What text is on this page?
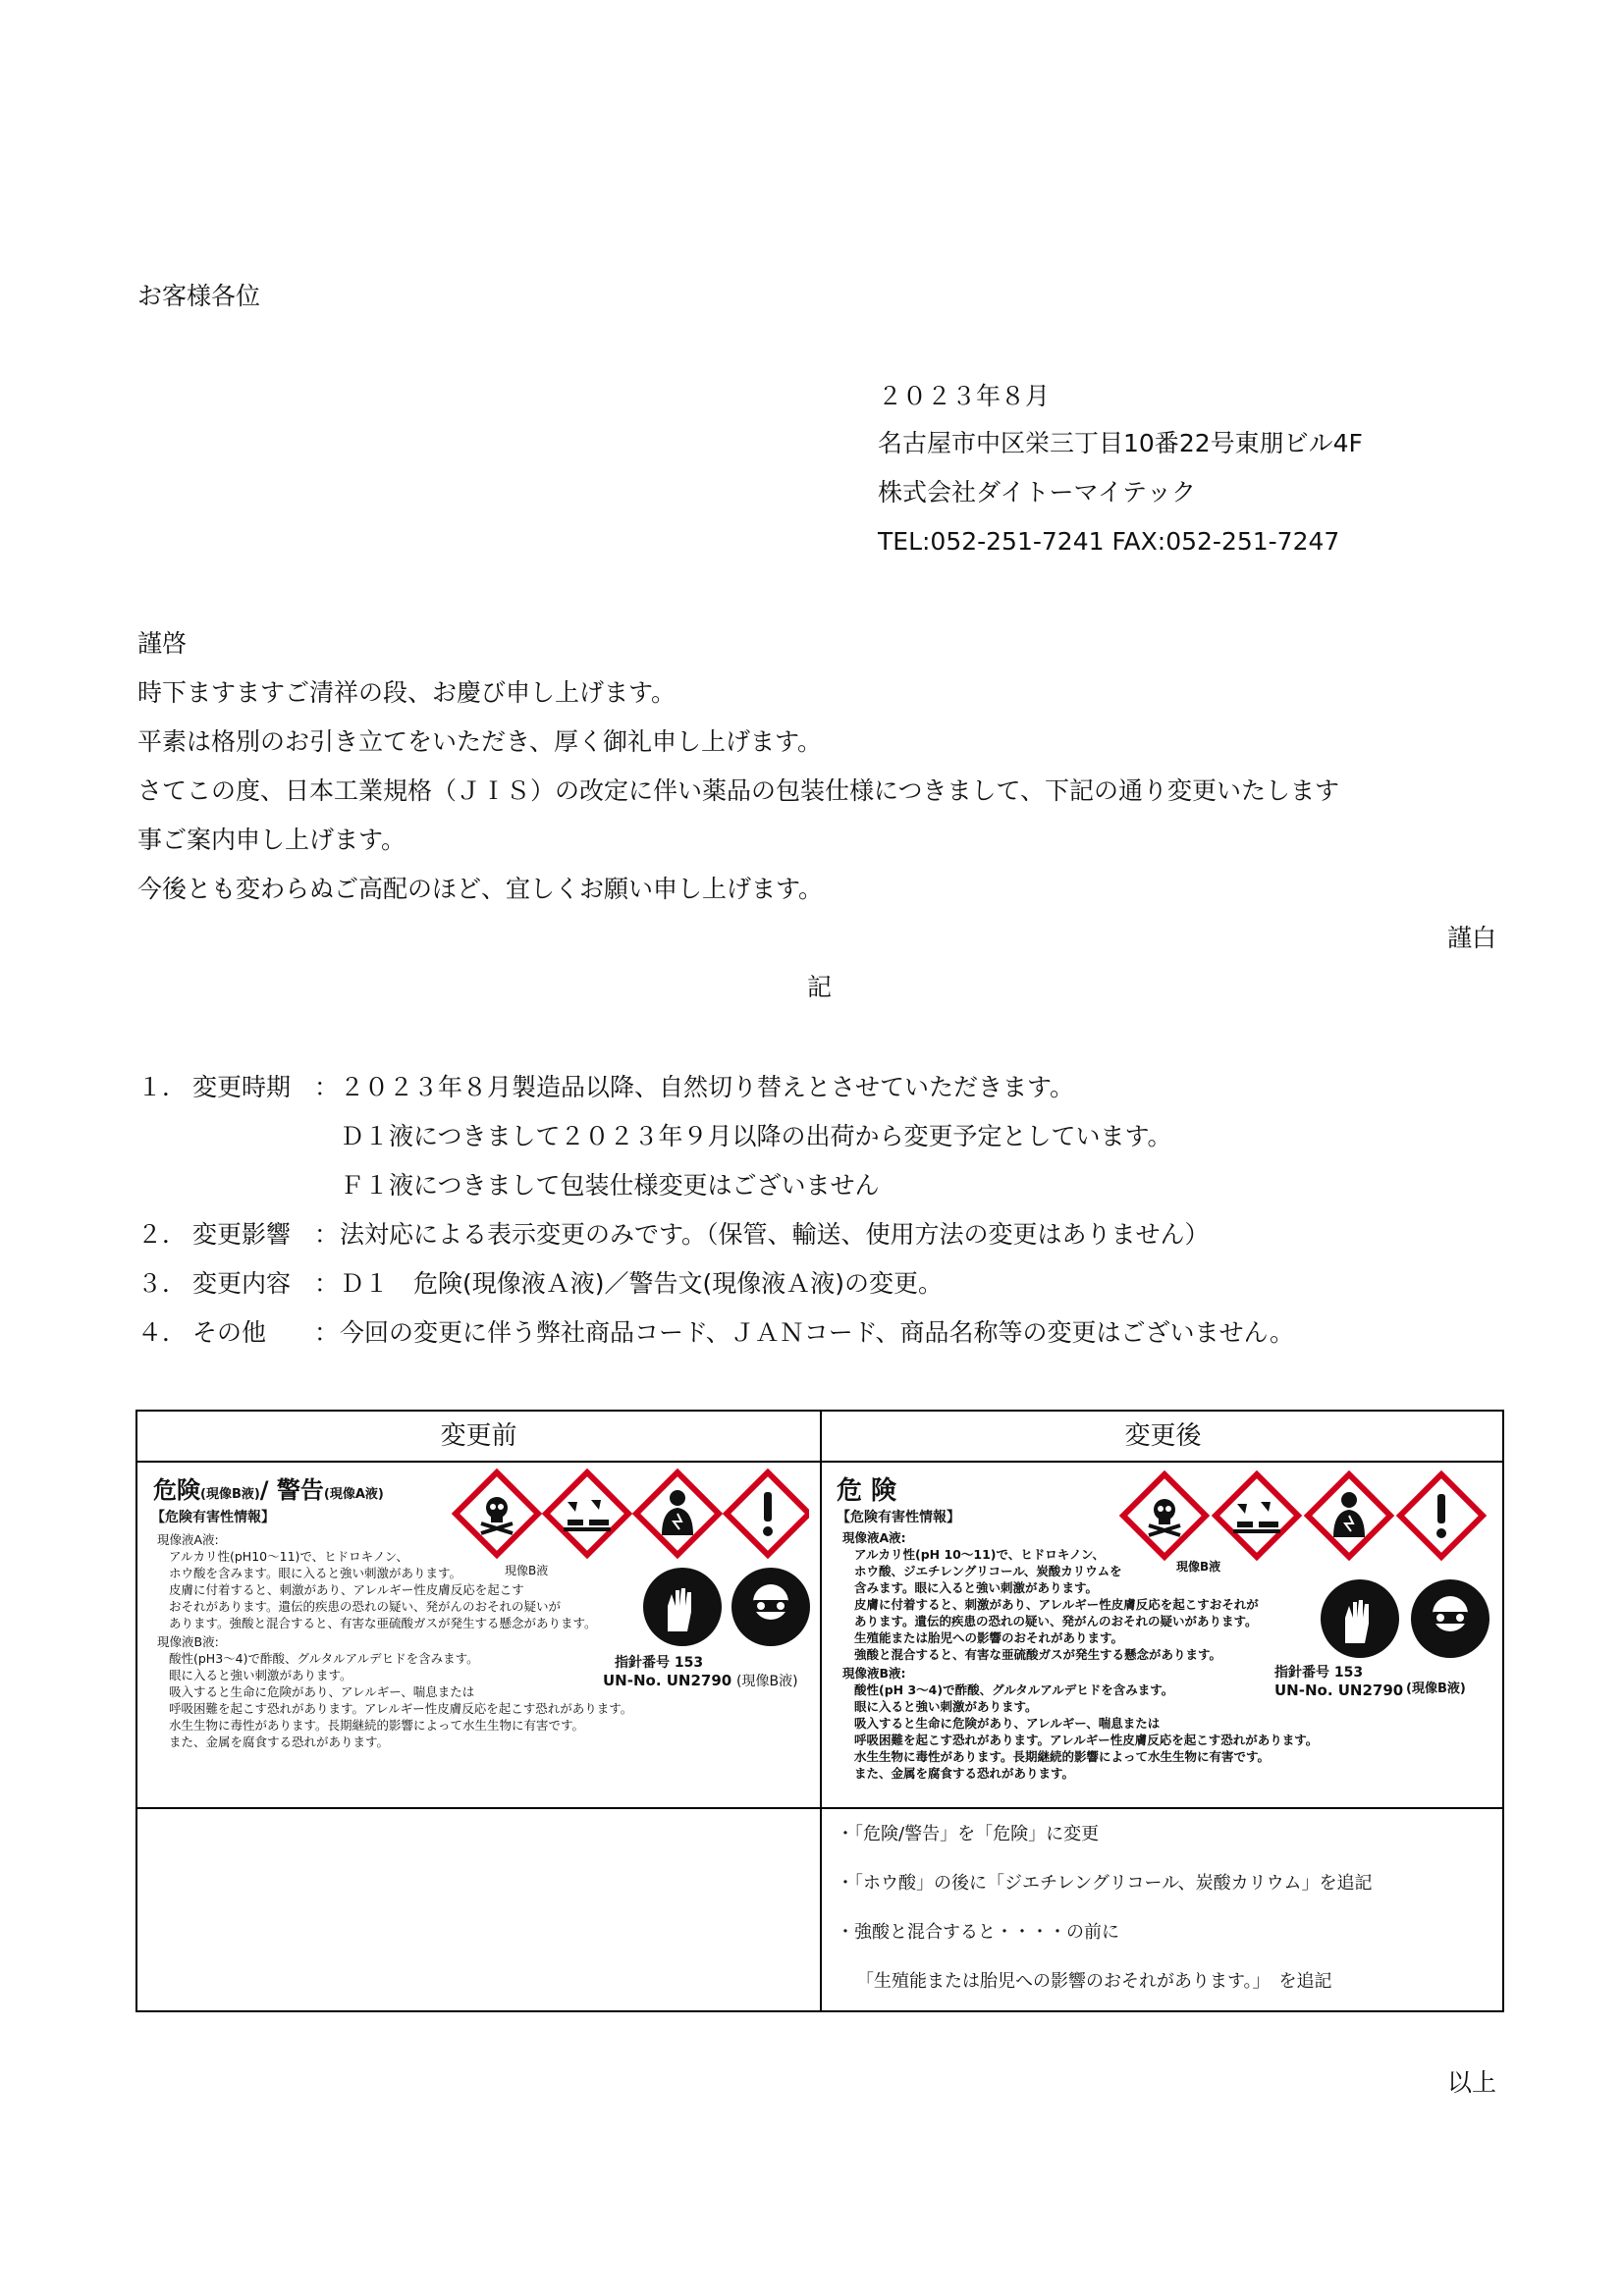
お客様各位
２０２３年８月
名古屋市中区栄三丁目10番22号東朋ビル4F
株式会社ダイトーマイテック
TEL:052-251-7241 FAX:052-251-7247
謹啓
時下ますますご清祥の段、お慶び申し上げます。
平素は格別のお引き立てをいただき、厚く御礼申し上げます。
さてこの度、日本工業規格（ＪＩＳ）の改定に伴い薬品の包装仕様につきまして、下記の通り変更いたします
事ご案内申し上げます。
今後とも変わらぬご高配のほど、宜しくお願い申し上げます。
謹白
記
１． 変更時期 ： ２０２３年８月製造品以降、自然切り替えとさせていただきます。
Ｄ１液につきまして２０２３年９月以降の出荷から変更予定としています。
Ｆ１液につきまして包装仕様変更はございません
２． 変更影響 ： 法対応による表示変更のみです。（保管、輸送、使用方法の変更はありません）
３． 変更内容 ： Ｄ１　危険(現像液Ａ液)／警告文(現像液Ａ液)の変更。
４． その他 ： 今回の変更に伴う弊社商品コード、ＪＡＮコード、商品名称等の変更はございません。
変更前	変更後
危険(現像B液)/ 警告(現像A液)
【危険有害性情報】
現像液A液:
アルカリ性(pH10～11)で、ヒドロキノン、
ホウ酸を含みます。眼に入ると強い刺激があります。
皮膚に付着すると、刺激があり、アレルギー性皮膚反応を起こす
おそれがあります。遺伝的疾患の恐れの疑い、発がんのおそれの疑いが
あります。強酸と混合すると、有害な亜硫酸ガスが発生する懸念があります。
現像液B液:
酸性(pH3～4)で酢酸、グルタルアルデヒドを含みます。
眼に入ると強い刺激があります。
吸入すると生命に危険があり、アレルギー、喘息または
呼吸困難を起こす恐れがあります。アレルギー性皮膚反応を起こす恐れがあります。
水生生物に毒性があります。長期継続的影響によって水生生物に有害です。
また、金属を腐食する恐れがあります。
現像B液
指針番号 153
UN-No. UN2790 (現像B液)
危 険
【危険有害性情報】
現像液A液:
アルカリ性(pH 10～11)で、ヒドロキノン、
ホウ酸、ジエチレングリコール、炭酸カリウムを
含みます。眼に入ると強い刺激があります。
皮膚に付着すると、刺激があり、アレルギー性皮膚反応を起こすおそれが
あります。遺伝的疾患の恐れの疑い、発がんのおそれの疑いがあります。
生殖能または胎児への影響のおそれがあります。
強酸と混合すると、有害な亜硫酸ガスが発生する懸念があります。
現像液B液:
酸性(pH 3～4)で酢酸、グルタルアルデヒドを含みます。
眼に入ると強い刺激があります。
吸入すると生命に危険があり、アレルギー、喘息または
呼吸困難を起こす恐れがあります。アレルギー性皮膚反応を起こす恐れがあります。
水生生物に毒性があります。長期継続的影響によって水生生物に有害です。
また、金属を腐食する恐れがあります。
現像B液
指針番号 153
UN-No. UN2790 (現像B液)
・「危険/警告」を「危険」に変更
・「ホウ酸」の後に「ジエチレングリコール、炭酸カリウム」を追記
・強酸と混合すると・・・・の前に
「生殖能または胎児への影響のおそれがあります。」　を追記
以上
